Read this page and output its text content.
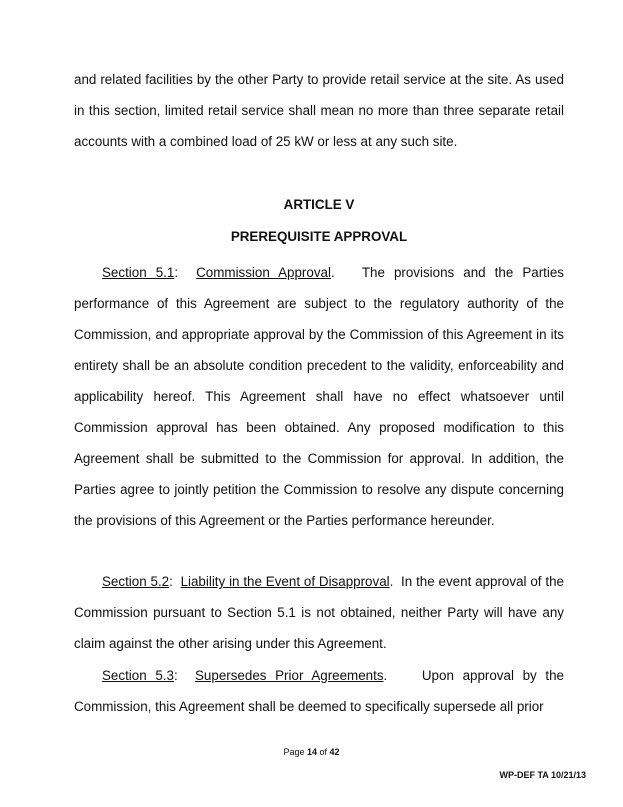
and related facilities by the other Party to provide retail service at the site. As used in this section, limited retail service shall mean no more than three separate retail accounts with a combined load of 25 kW or less at any such site.
ARTICLE V
PREREQUISITE APPROVAL
Section 5.1:  Commission Approval.   The provisions and the Parties performance of this Agreement are subject to the regulatory authority of the Commission, and appropriate approval by the Commission of this Agreement in its entirety shall be an absolute condition precedent to the validity, enforceability and applicability hereof. This Agreement shall have no effect whatsoever until Commission approval has been obtained. Any proposed modification to this Agreement shall be submitted to the Commission for approval. In addition, the Parties agree to jointly petition the Commission to resolve any dispute concerning the provisions of this Agreement or the Parties performance hereunder.
Section 5.2:  Liability in the Event of Disapproval.  In the event approval of the Commission pursuant to Section 5.1 is not obtained, neither Party will have any claim against the other arising under this Agreement.
Section 5.3:  Supersedes Prior Agreements.    Upon approval by the Commission, this Agreement shall be deemed to specifically supersede all prior
Page 14 of 42
WP-DEF TA 10/21/13
